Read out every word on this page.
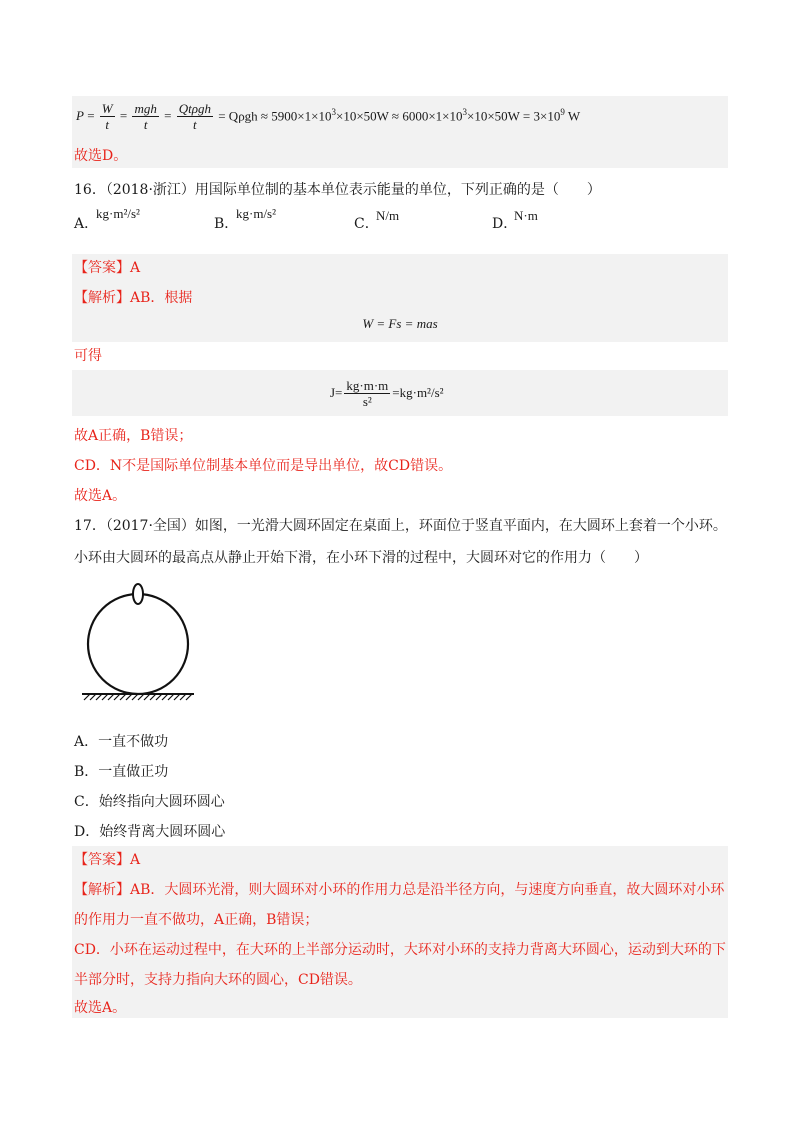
$P = \frac{W}{t} = \frac{\text{mgh}}{t} = \frac{\text{Qtρgh}}{t}$
= $Q\rho gh \approx 5900\times 1\times 10^3\times 10\times 50W \approx 6000\times 1\times 10^3\times 10\times 50W = 3\times 10^9$ W
故选D。
16．（2018·浙江）用国际单位制的基本单位表示能量的单位，下列正确的是（　　）
A．
kg·m²/s²
B．
kg·m/s²
C．
N/m
D．
N·m
【答案】A
【解析】AB．根据
W = Fs = mas
可得
$J= \frac{kg\cdot m\cdot m}{\text{s²}} =kg\cdot m^2/s^2$
故A正确，B错误；
CD．N不是国际单位制基本单位而是导出单位，故CD错误。
故选A。
17．（2017·全国）如图，一光滑大圆环固定在桌面上，环面位于竖直平面内，在大圆环上套着一个小环。
小环由大圆环的最高点从静止开始下滑，在小环下滑的过程中，大圆环对它的作用力（　　）
A．一直不做功
B．一直做正功
C．始终指向大圆环圆心
D．始终背离大圆环圆心
【答案】A
【解析】AB．大圆环光滑，则大圆环对小环的作用力总是沿半径方向，与速度方向垂直，故大圆环对小环
的作用力一直不做功，A正确，B错误；
CD．小环在运动过程中，在大环的上半部分运动时，大环对小环的支持力背离大环圆心，运动到大环的下
半部分时，支持力指向大环的圆心，CD错误。
故选A。
